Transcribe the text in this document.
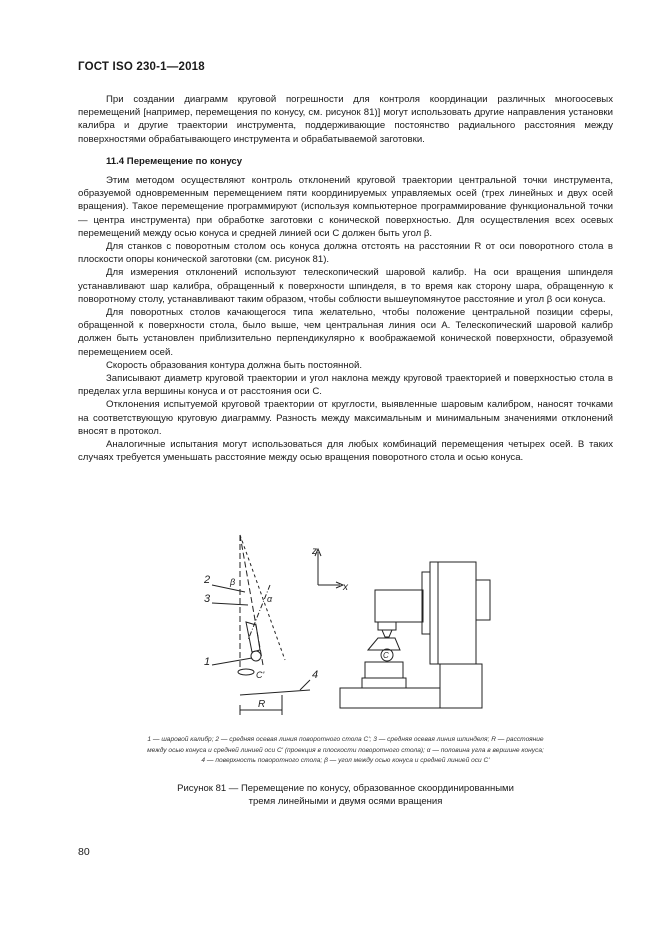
ГОСТ ISO 230-1—2018

При создании диаграмм круговой погрешности для контроля координации различных многоосевых перемещений [например, перемещения по конусу, см. рисунок 81)] могут использовать другие направления установки калибра и другие траектории инструмента, поддерживающие постоянство радиального расстояния между поверхностями обрабатывающего инструмента и обрабатываемой заготовки.

11.4 Перемещение по конусу

Этим методом осуществляют контроль отклонений круговой траектории центральной точки инструмента, образуемой одновременным перемещением пяти координируемых управляемых осей (трех линейных и двух осей вращения). Такое перемещение программируют (используя компьютерное программирование функциональной точки — центра инструмента) при обработке заготовки с конической поверхностью. Для осуществления всех осевых перемещений между осью конуса и средней линией оси C должен быть угол β.

Для станков с поворотным столом ось конуса должна отстоять на расстоянии R от оси поворотного стола в плоскости опоры конической заготовки (см. рисунок 81).

Для измерения отклонений используют телескопический шаровой калибр. На оси вращения шпинделя устанавливают шар калибра, обращенный к поверхности шпинделя, в то время как сторону шара, обращенную к поворотному столу, устанавливают таким образом, чтобы соблюсти вышеупомянутое расстояние и угол β оси конуса.

Для поворотных столов качающегося типа желательно, чтобы положение центральной позиции сферы, обращенной к поверхности стола, было выше, чем центральная линия оси A. Телескопический шаровой калибр должен быть установлен приблизительно перпендикулярно к воображаемой конической поверхности, образуемой перемещением осей.

Скорость образования контура должна быть постоянной.

Записывают диаметр круговой траектории и угол наклона между круговой траекторией и поверхностью стола в пределах угла вершины конуса и от расстояния оси C.

Отклонения испытуемой круговой траектории от круглости, выявленные шаровым калибром, наносят точками на соответствующую круговую диаграмму. Разность между максимальным и минимальным значениями отклонений вносят в протокол.

Аналогичные испытания могут использоваться для любых комбинаций перемещения четырех осей. В таких случаях требуется уменьшать расстояние между осью вращения поворотного стола и осью конуса.

2
3
1
4
β
α
C'
R
z
x
C
1 — шаровой калибр; 2 — средняя осевая линия поворотного стола C'; 3 — средняя осевая линия шпинделя; R — расстояние
между осью конуса и средней линией оси C' (проекция в плоскости поворотного стола); α — половина угла в вершине конуса;
4 — поверхность поворотного стола; β — угол между осью конуса и средней линией оси C'
Рисунок 81 — Перемещение по конусу, образованное скоординированными
тремя линейными и двумя осями вращения
80
